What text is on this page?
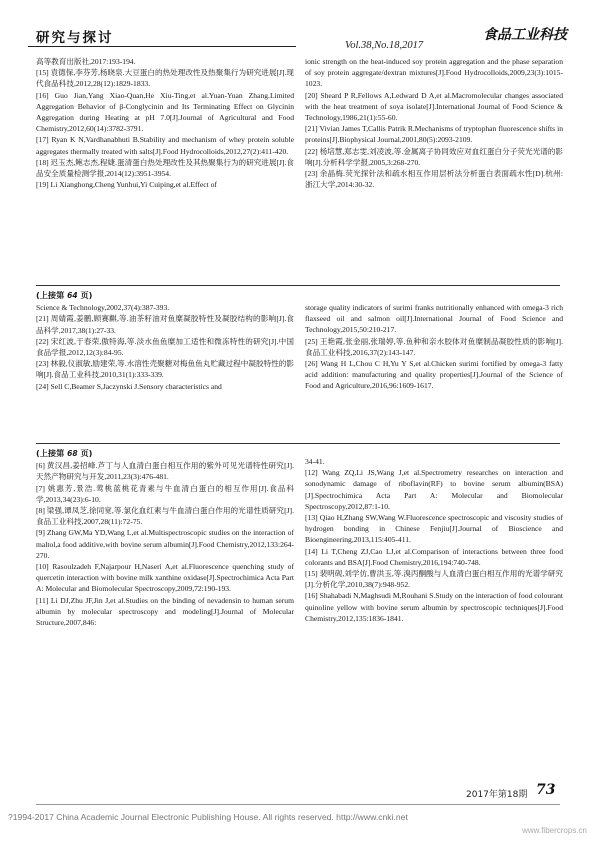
研究与探讨	食品工业科技
Vol.38,No.18,2017

高等教育出版社,2017:193-194.

[15] 袁德保,李芬芳,杨晓泉.大豆蛋白的热处理改性及热聚集行为研究进展[J].现代食品科技,2012,28(12):1829-1833.

[16] Guo Jian,Yang Xiao-Quan,He Xiu-Ting,et al.Yuan-Yuan Zhang.Limited Aggregation Behavior of β-Conglycinin and Its Terminating Effect on Glycinin Aggregation during Heating at pH 7.0[J].Journal of Agricultural and Food Chemistry,2012,60(14):3782-3791.

[17] Ryan K N,Vardhanabhuti B.Stability and mechanism of whey protein soluble aggregates thermally treated with salts[J].Food Hydrocolloids,2012,27(2):411-420.

[18] 迟玉杰,鲍志杰,程婕.蛋清蛋白热处理改性及其热聚集行为的研究进展[J].食品安全质量检测学报,2014(12):3951-3954.

[19] Li Xianghong,Cheng Yunhui,Yi Cuiping,et al.Effect of

ionic strength on the heat-induced soy protein aggregation and the phase separation of soy protein aggregate/dextran mixtures[J].Food Hydrocolloids,2009,23(3):1015-1023.

[20] Sheard P R,Fellows A,Ledward D A,et al.Macromolecular changes associated with the heat treatment of soya isolate[J].International Journal of Food Science & Technology,1986,21(1):55-60.

[21] Vivian James T,Callis Patrik R.Mechanisms of tryptophan fluorescence shifts in proteins[J].Biophysical Journal,2001,80(5):2093-2109.

[22] 杨培慧,郑志雯,刘凌波,等.金属离子协同效应对血红蛋白分子荧光光谱的影响[J].分析科学学报,2005,3:268-270.

[23] 余晶梅.荧光探针法和疏水相互作用层析法分析蛋白表面疏水性[D].杭州:浙江大学,2014:30-32.

(上接第 64 页)

Science & Technology,2002,37(4):387-393.

[21] 周婧霞,姜鹏,顾赛麒,等.油茶籽油对鱼糜凝胶特性及凝胶结构的影响[J].食品科学,2017,38(1):27-33.

[22] 宋红波,于春荣,傲特海,等.淡水鱼鱼糜加工适性和微冻特性的研究[J].中国食品学报,2012,12(3):84-95.

[23] 林毅,仪淑敏,励建荣,等.水溶性壳聚糖对梅鱼鱼丸贮藏过程中凝胶特性的影响[J].食品工业科技,2010,31(1):333-339.

[24] Sell C,Beamer S,Jaczynski J.Sensory characteristics and

storage quality indicators of surimi franks nutritionally enhanced with omega-3 rich flaxseed oil and salmon oil[J].International Journal of Food Science and Technology,2015,50:210-217.

[25] 王艳霞,张金丽,张瑞婷,等.鱼种和亲水胶体对鱼糜制品凝胶性质的影响[J].食品工业科技,2016,37(2):143-147.

[26] Wang H L,Chou C H,Yu Y S,et al.Chicken surimi fortified by omega-3 fatty acid addition: manufacturing and quality properties[J].Journal of the Science of Food and Agriculture,2016,96:1609-1617.

(上接第 68 页)

[6] 黄汉昌,姜招峰.芦丁与人血清白蛋白相互作用的紫外可见光谱特性研究[J].天然产物研究与开发,2011,23(3):476-481.

[7] 姚惠芳,景浩.莺桃蓝桃花青素与牛血清白蛋白的相互作用[J].食品科学,2013,34(23):6-10.

[8] 梁强,谭凤芝,徐同宽,等.氯化血红素与牛血清白蛋白作用的光谱性质研究[J].食品工业科技,2007,28(11):72-75.

[9] Zhang GW,Ma YD,Wang L,et al.Multispectroscopic studies on the interaction of maltol,a food additive,with bovine serum albumin[J].Food Chemistry,2012,133:264-270.

[10] Rasoulzadeh F,Najarpour H,Naseri A,et al.Fluorescence quenching study of quercetin interaction with bovine milk xanthine oxidase[J].Spectrochimica Acta Part A: Molecular and Biomolecular Spectroscopy,2009,72:190-193.

[11] Li DJ,Zhu JF,Jin J,et al.Studies on the binding of nevadensin to human serum albumin by molecular spectroscopy and modeling[J].Journal of Molecular Structure,2007,846:

34-41.

[12] Wang ZQ,Li JS,Wang J,et al.Spectrometry researches on interaction and sonodynamic damage of riboflavin(RF) to bovine serum albumin(BSA)[J].Spectrochimica Acta Part A: Molecular and Biomolecular Spectroscopy,2012,87:1-10.

[13] Qiao H,Zhang SW,Wang W.Fluorescence spectroscopic and viscosity studies of hydrogen bonding in Chinese Fenjiu[J].Journal of Bioscience and Bioengineering,2013,115:405-411.

[14] Li T,Cheng ZJ,Cao LJ,et al.Comparison of interactions between three food colorants and BSA[J].Food Chemistry,2016,194:740-748.

[15] 裴明砚,刘学仿,曹洪玉,等.溴丙酮酸与人血清白蛋白相互作用的光谱学研究[J].分析化学,2010,38(7):948-952.

[16] Shahabadi N,Maghsudi M,Rouhani S.Study on the interaction of food colourant quinoline yellow with bovine serum albumin by spectroscopic techniques[J].Food Chemistry,2012,135:1836-1841.

2017年第18期 73
?1994-2017 China Academic Journal Electronic Publishing House. All rights reserved. http://www.cnki.net
www.fibercrops.cn
